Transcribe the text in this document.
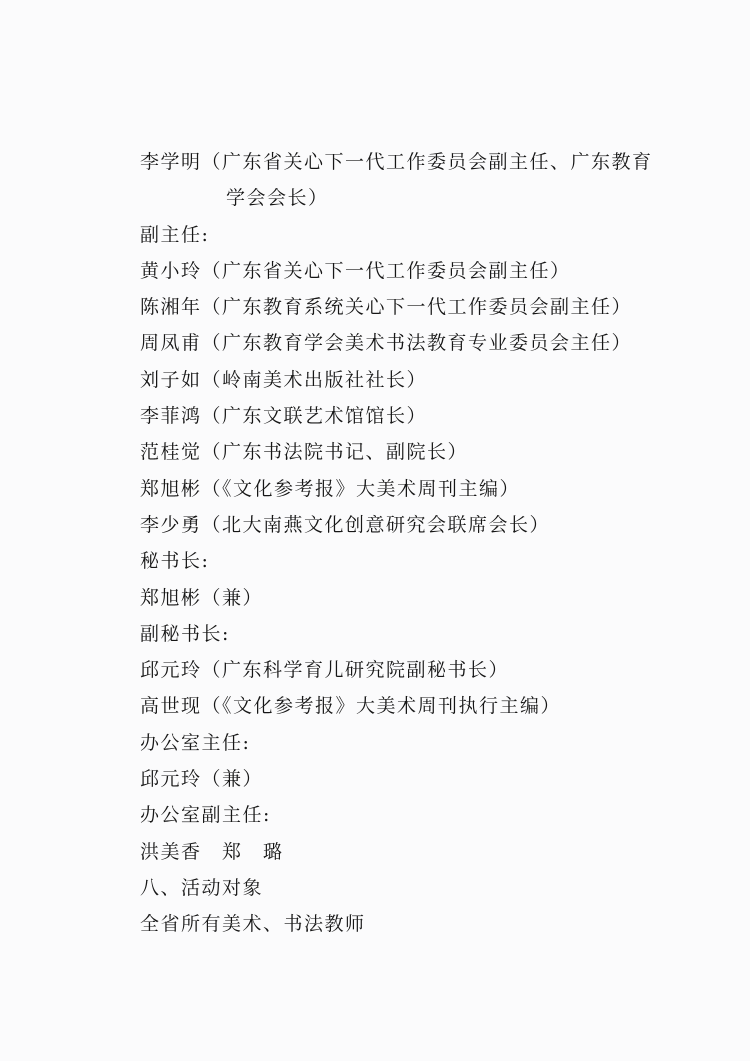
李学明（广东省关心下一代工作委员会副主任、广东教育
学会会长）
副主任:
黄小玲（广东省关心下一代工作委员会副主任）
陈湘年（广东教育系统关心下一代工作委员会副主任）
周凤甫（广东教育学会美术书法教育专业委员会主任）
刘子如（岭南美术出版社社长）
李菲鸿（广东文联艺术馆馆长）
范桂觉（广东书法院书记、副院长）
郑旭彬（《文化参考报》大美术周刊主编）
李少勇（北大南燕文化创意研究会联席会长）
秘书长:
郑旭彬（兼）
副秘书长:
邱元玲（广东科学育儿研究院副秘书长）
高世现（《文化参考报》大美术周刊执行主编）
办公室主任:
邱元玲（兼）
办公室副主任:
洪美香　郑　璐
八、活动对象
全省所有美术、书法教师
